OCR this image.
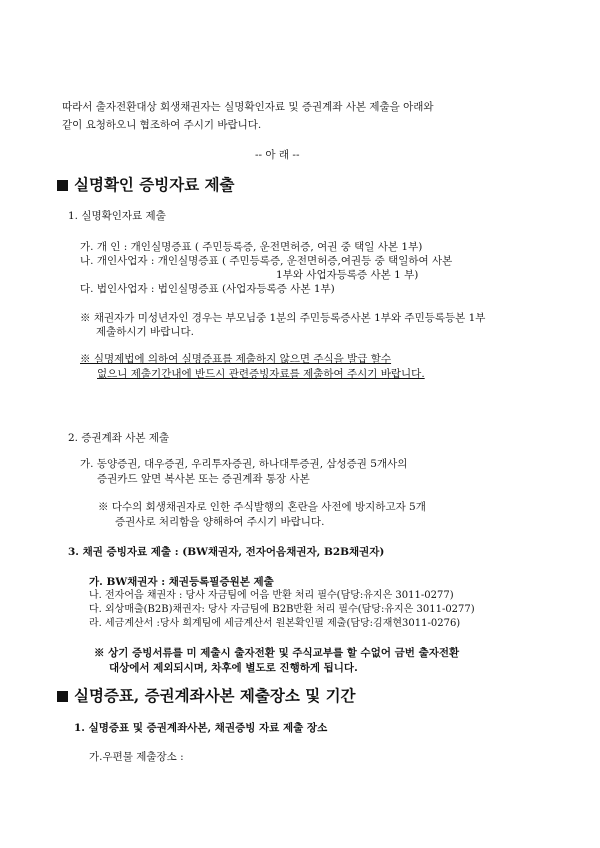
따라서 출자전환대상 회생채권자는 실명확인자료 및 증권계좌 사본 제출을 아래와
같이 요청하오니 협조하여 주시기 바랍니다.
-- 아 래 --
실명확인 증빙자료 제출
1. 실명확인자료 제출
가. 개 인 : 개인실명증표 ( 주민등록증, 운전면허증, 여권 중 택일 사본 1부)
나. 개인사업자 : 개인실명증표 ( 주민등록증, 운전면허증,여권등 중 택일하여 사본
1부와 사업자등록증 사본 1 부)
다. 법인사업자 : 법인실명증표 (사업자등록증 사본 1부)
※ 채권자가 미성년자인 경우는 부모님중 1분의 주민등록증사본 1부와 주민등록등본 1부
제출하시기 바랍니다.
※ 실명제법에 의하여 실명증표를 제출하지 않으면 주식을 발급 할수
없으니 제출기간내에 반드시 관련증빙자료를 제출하여 주시기 바랍니다.
2. 증권계좌 사본 제출
가. 동양증권, 대우증권, 우리투자증권, 하나대투증권, 삼성증권 5개사의
증권카드 앞면 복사본 또는 증권계좌 통장 사본
※ 다수의 회생채권자로 인한 주식발행의 혼란을 사전에 방지하고자 5개
증권사로 처리함을 양해하여 주시기 바랍니다.
3. 채권 증빙자료 제출 : (BW채권자, 전자어음채권자, B2B채권자)
가. BW채권자 : 채권등록필증원본 제출
나. 전자어음 채권자 : 당사 자금팀에 어음 반환 처리 필수(담당:유지은 3011-0277)
다. 외상매출(B2B)채권자: 당사 자금팀에 B2B반환 처리 필수(담당:유지은 3011-0277)
라. 세금계산서 :당사 회계팀에 세금계산서 원본확인필 제출(담당:김재현3011-0276)
※ 상기 증빙서류를 미 제출시 출자전환 및 주식교부를 할 수없어 금번 출자전환
대상에서 제외되시며, 차후에 별도로 진행하게 됩니다.
실명증표, 증권계좌사본 제출장소 및 기간
1. 실명증표 및 증권계좌사본, 채권증빙 자료 제출 장소
가.우편물 제출장소 :
